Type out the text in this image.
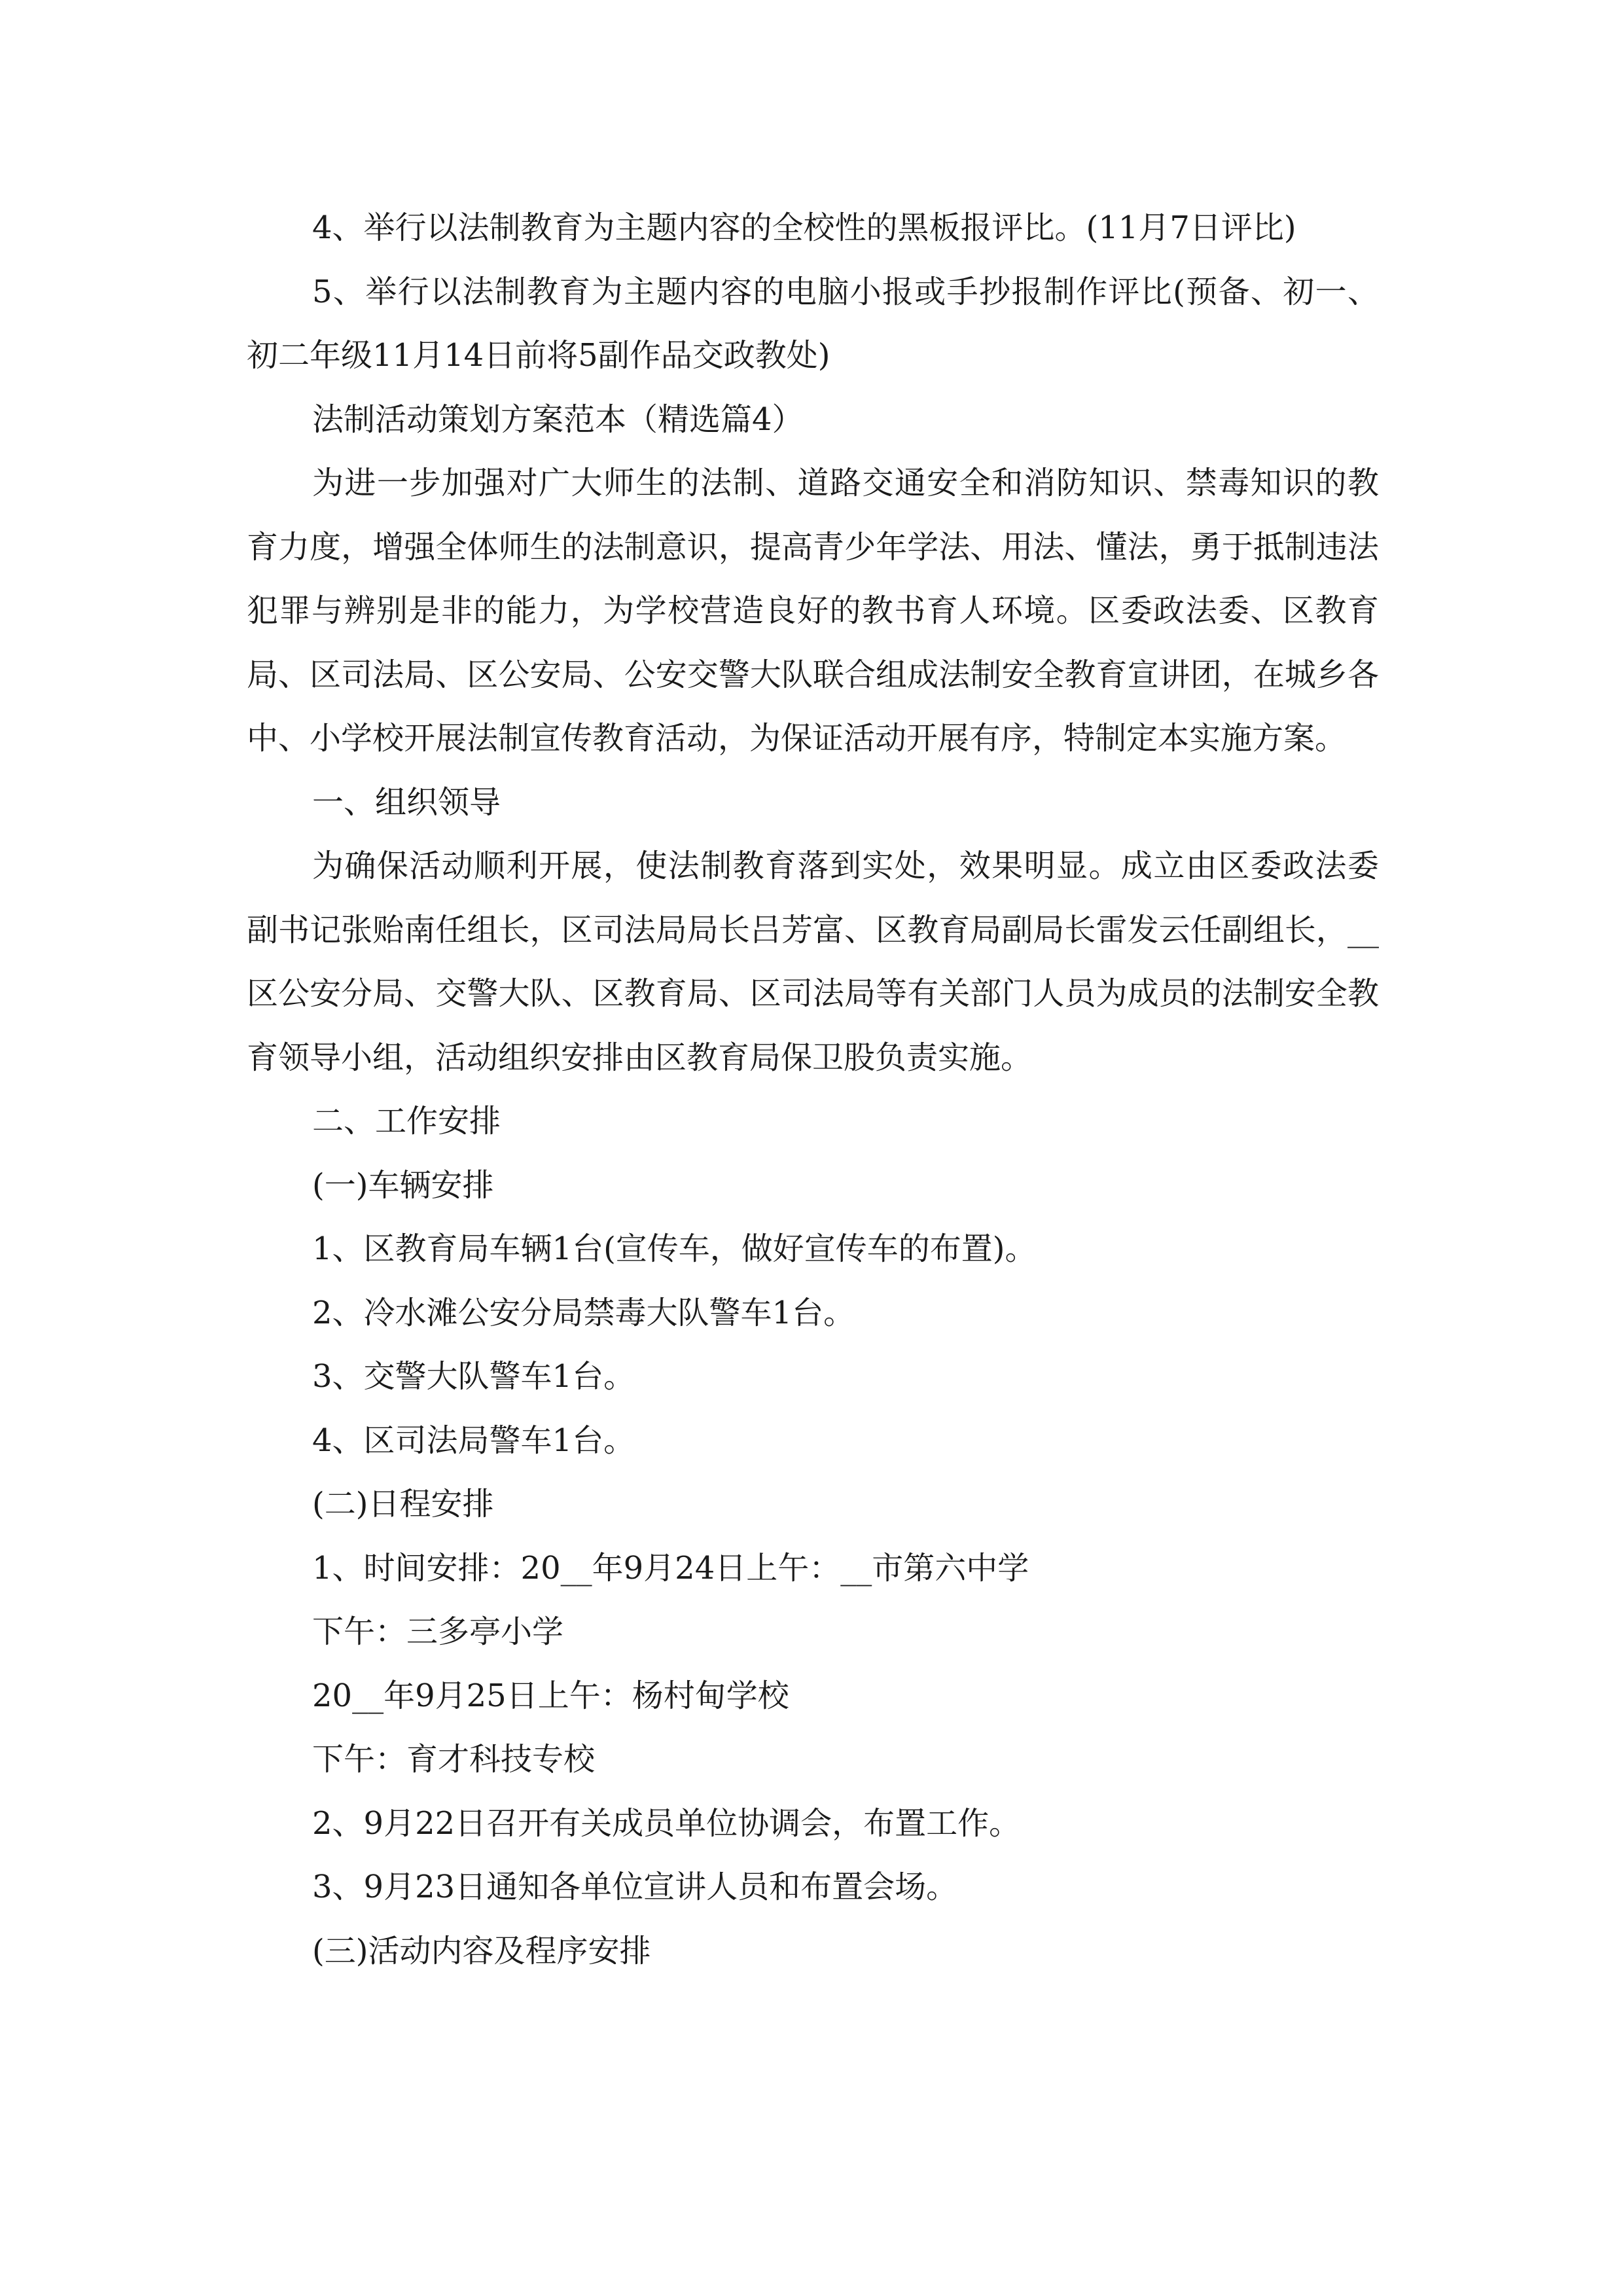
4、举行以法制教育为主题内容的全校性的黑板报评比。(11月7日评比)

5、举行以法制教育为主题内容的电脑小报或手抄报制作评比(预备、初一、初二年级11月14日前将5副作品交政教处)

法制活动策划方案范本（精选篇4）

为进一步加强对广大师生的法制、道路交通安全和消防知识、禁毒知识的教育力度，增强全体师生的法制意识，提高青少年学法、用法、懂法，勇于抵制违法犯罪与辨别是非的能力，为学校营造良好的教书育人环境。区委政法委、区教育局、区司法局、区公安局、公安交警大队联合组成法制安全教育宣讲团，在城乡各中、小学校开展法制宣传教育活动，为保证活动开展有序，特制定本实施方案。

一、组织领导

为确保活动顺利开展，使法制教育落到实处，效果明显。成立由区委政法委副书记张贻南任组长，区司法局局长吕芳富、区教育局副局长雷发云任副组长，__区公安分局、交警大队、区教育局、区司法局等有关部门人员为成员的法制安全教育领导小组，活动组织安排由区教育局保卫股负责实施。

二、工作安排

(一)车辆安排

1、区教育局车辆1台(宣传车，做好宣传车的布置)。

2、冷水滩公安分局禁毒大队警车1台。

3、交警大队警车1台。

4、区司法局警车1台。

(二)日程安排

1、时间安排：20__年9月24日上午：__市第六中学

下午：三多亭小学

20__年9月25日上午：杨村甸学校

下午：育才科技专校

2、9月22日召开有关成员单位协调会，布置工作。

3、9月23日通知各单位宣讲人员和布置会场。

(三)活动内容及程序安排
